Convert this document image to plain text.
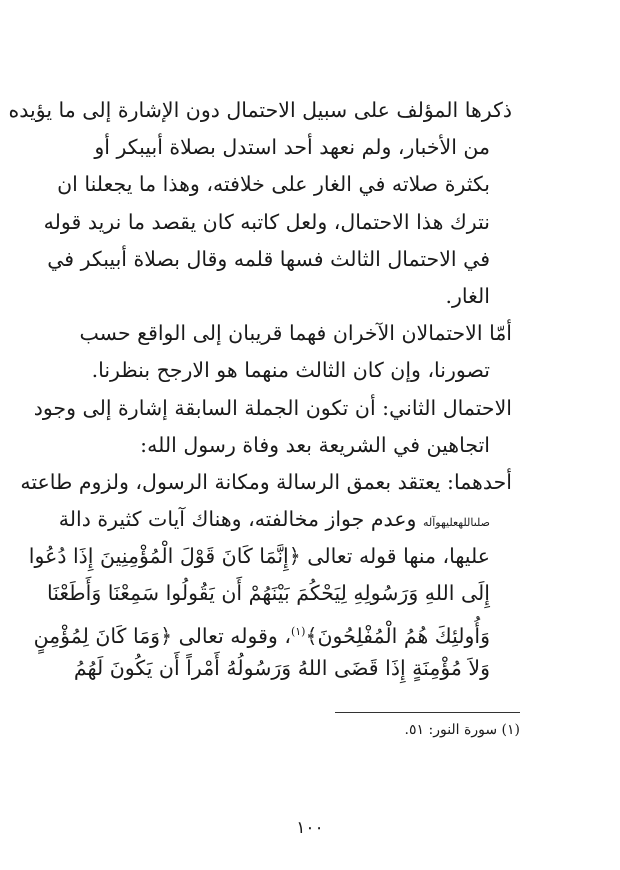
ذكرها المؤلف على سبيل الاحتمال دون الإشارة إلى ما يؤيده
من الأخبار، ولم نعهد أحد استدل بصلاة أبيبكر أو
بكثرة صلاته في الغار على خلافته، وهذا ما يجعلنا ان
نترك هذا الاحتمال، ولعل كاتبه كان يقصد ما نريد قوله
في الاحتمال الثالث فسها قلمه وقال بصلاة أبيبكر في
الغار.
أمّا الاحتمالان الآخران فهما قريبان إلى الواقع حسب
تصورنا، وإن كان الثالث منهما هو الارجح بنظرنا.
الاحتمال الثاني: أن تكون الجملة السابقة إشارة إلى وجود
اتجاهين في الشريعة بعد وفاة رسول الله:
أحدهما: يعتقد بعمق الرسالة ومكانة الرسول، ولزوم طاعته
صلىاللهعليهوآله وعدم جواز مخالفته، وهناك آيات كثيرة دالة
عليها، منها قوله تعالى ﴿إِنَّمَا كَانَ قَوْلَ الْمُؤْمِنِينَ إِذَا دُعُوا
إِلَى اللهِ وَرَسُولِهِ لِيَحْكُمَ بَيْنَهُمْ أَن يَقُولُوا سَمِعْنَا وَأَطَعْنَا
وَأُولئِكَ هُمُ الْمُفْلِحُونَ﴾$^{(١)}$، وقوله تعالى ﴿وَمَا كَانَ لِمُؤْمِنٍ
وَلاَ مُؤْمِنَةٍ إِذَا قَضَى اللهُ وَرَسُولُهُ أَمْراً أَن يَكُونَ لَهُمُ
(١) سورة النور: ٥١.
١٠٠
